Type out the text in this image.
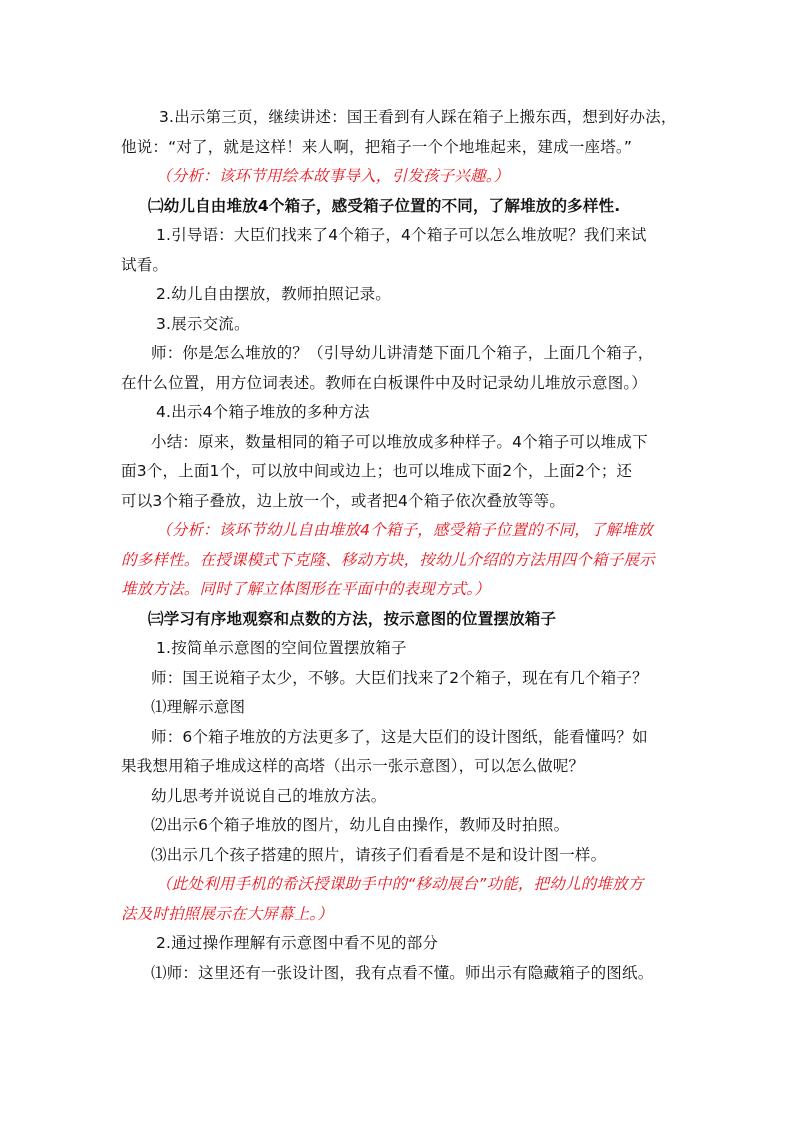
3.出示第三页，继续讲述：国王看到有人踩在箱子上搬东西，想到好办法，
他说：“对了，就是这样！来人啊，把箱子一个个地堆起来，建成一座塔。”
（分析：该环节用绘本故事导入，引发孩子兴趣。）
㈡幼儿自由堆放4个箱子，感受箱子位置的不同，了解堆放的多样性.
1.引导语：大臣们找来了4个箱子，4个箱子可以怎么堆放呢？我们来试
试看。
2.幼儿自由摆放，教师拍照记录。
3.展示交流。
师：你是怎么堆放的？（引导幼儿讲清楚下面几个箱子，上面几个箱子，
在什么位置，用方位词表述。教师在白板课件中及时记录幼儿堆放示意图。）
4.出示4个箱子堆放的多种方法
小结：原来，数量相同的箱子可以堆放成多种样子。4个箱子可以堆成下
面3个，上面1个，可以放中间或边上；也可以堆成下面2个，上面2个；还
可以3个箱子叠放，边上放一个，或者把4个箱子依次叠放等等。
（分析：该环节幼儿自由堆放4个箱子，感受箱子位置的不同，了解堆放
的多样性。在授课模式下克隆、移动方块，按幼儿介绍的方法用四个箱子展示
堆放方法。同时了解立体图形在平面中的表现方式。）
㈢学习有序地观察和点数的方法，按示意图的位置摆放箱子
1.按简单示意图的空间位置摆放箱子
师：国王说箱子太少，不够。大臣们找来了2个箱子，现在有几个箱子？
⑴理解示意图
师：6个箱子堆放的方法更多了，这是大臣们的设计图纸，能看懂吗？如
果我想用箱子堆成这样的高塔（出示一张示意图），可以怎么做呢？
幼儿思考并说说自己的堆放方法。
⑵出示6个箱子堆放的图片，幼儿自由操作，教师及时拍照。
⑶出示几个孩子搭建的照片，请孩子们看看是不是和设计图一样。
（此处利用手机的希沃授课助手中的“移动展台”功能，把幼儿的堆放方
法及时拍照展示在大屏幕上。）
2.通过操作理解有示意图中看不见的部分
⑴师：这里还有一张设计图，我有点看不懂。师出示有隐藏箱子的图纸。
